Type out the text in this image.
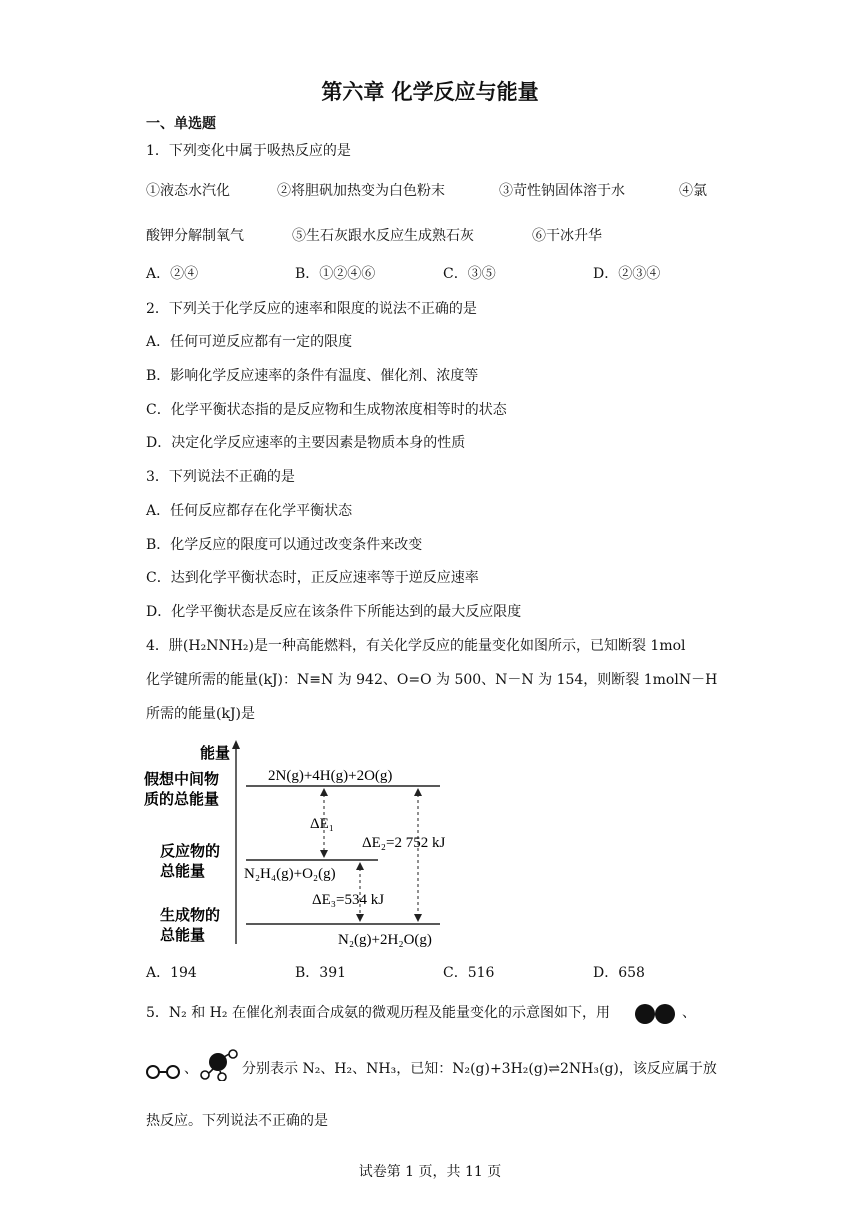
第六章 化学反应与能量
一、单选题
1．下列变化中属于吸热反应的是
①液态水汽化	②将胆矾加热变为白色粉末	③苛性钠固体溶于水	④氯
酸钾分解制氧气	⑤生石灰跟水反应生成熟石灰	⑥干冰升华
A．②④	B．①②④⑥	C．③⑤	D．②③④
2．下列关于化学反应的速率和限度的说法不正确的是
A．任何可逆反应都有一定的限度
B．影响化学反应速率的条件有温度、催化剂、浓度等
C．化学平衡状态指的是反应物和生成物浓度相等时的状态
D．决定化学反应速率的主要因素是物质本身的性质
3．下列说法不正确的是
A．任何反应都存在化学平衡状态
B．化学反应的限度可以通过改变条件来改变
C．达到化学平衡状态时，正反应速率等于逆反应速率
D．化学平衡状态是反应在该条件下所能达到的最大反应限度
4．肼(H₂NNH₂)是一种高能燃料，有关化学反应的能量变化如图所示，已知断裂 1mol
化学键所需的能量(kJ)：N≡N 为 942、O=O 为 500、N－N 为 154，则断裂 1molN－H
所需的能量(kJ)是
能量
假想中间物
质的总能量
反应物的
总能量
生成物的
总能量
2N(g)+4H(g)+2O(g)
N₂H₄(g)+O₂(g)
N₂(g)+2H₂O(g)
ΔE₁
ΔE₂=2 752 kJ
ΔE₃=534 kJ
A．194	B．391	C．516	D．658
5．N₂ 和 H₂ 在催化剂表面合成氨的微观历程及能量变化的示意图如下，用	、
、	分别表示 N₂、H₂、NH₃，已知：N₂(g)+3H₂(g)⇌2NH₃(g)，该反应属于放
热反应。下列说法不正确的是
试卷第 1 页，共 11 页
